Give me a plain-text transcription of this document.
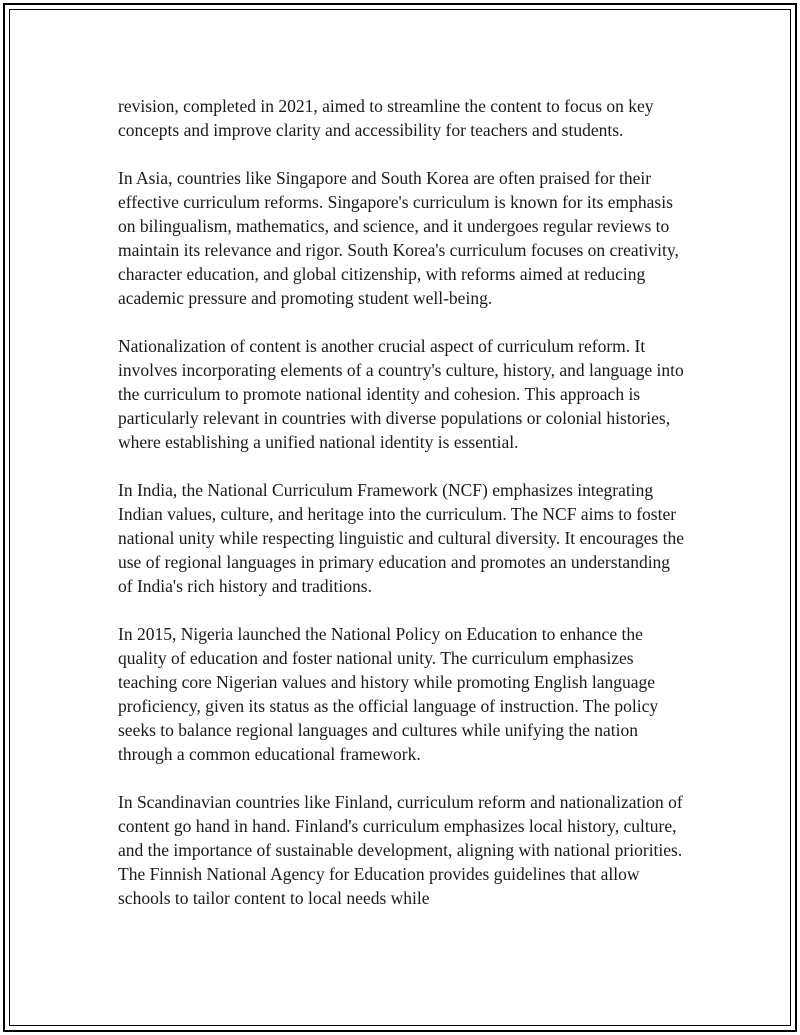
revision, completed in 2021, aimed to streamline the content to focus on key concepts and improve clarity and accessibility for teachers and students.

In Asia, countries like Singapore and South Korea are often praised for their effective curriculum reforms. Singapore's curriculum is known for its emphasis on bilingualism, mathematics, and science, and it undergoes regular reviews to maintain its relevance and rigor. South Korea's curriculum focuses on creativity, character education, and global citizenship, with reforms aimed at reducing academic pressure and promoting student well-being.

Nationalization of content is another crucial aspect of curriculum reform. It involves incorporating elements of a country's culture, history, and language into the curriculum to promote national identity and cohesion. This approach is particularly relevant in countries with diverse populations or colonial histories, where establishing a unified national identity is essential.

In India, the National Curriculum Framework (NCF) emphasizes integrating Indian values, culture, and heritage into the curriculum. The NCF aims to foster national unity while respecting linguistic and cultural diversity. It encourages the use of regional languages in primary education and promotes an understanding of India's rich history and traditions.

In 2015, Nigeria launched the National Policy on Education to enhance the quality of education and foster national unity. The curriculum emphasizes teaching core Nigerian values and history while promoting English language proficiency, given its status as the official language of instruction. The policy seeks to balance regional languages and cultures while unifying the nation through a common educational framework.

In Scandinavian countries like Finland, curriculum reform and nationalization of content go hand in hand. Finland's curriculum emphasizes local history, culture, and the importance of sustainable development, aligning with national priorities. The Finnish National Agency for Education provides guidelines that allow schools to tailor content to local needs while
